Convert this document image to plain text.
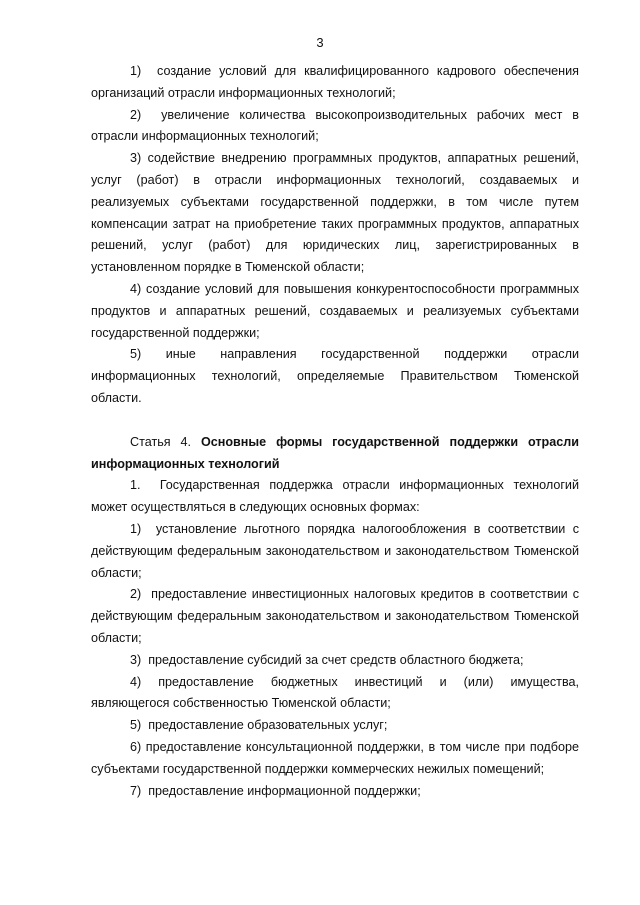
3

1)  создание условий для квалифицированного кадрового обеспечения организаций отрасли информационных технологий;

2)  увеличение количества высокопроизводительных рабочих мест в отрасли информационных технологий;

3) содействие внедрению программных продуктов, аппаратных решений, услуг (работ) в отрасли информационных технологий, создаваемых и реализуемых субъектами государственной поддержки, в том числе путем компенсации затрат на приобретение таких программных продуктов, аппаратных решений, услуг (работ) для юридических лиц, зарегистрированных в установленном порядке в Тюменской области;

4) создание условий для повышения конкурентоспособности программных продуктов и аппаратных решений, создаваемых и реализуемых субъектами государственной поддержки;

5) иные направления государственной поддержки отрасли информационных технологий, определяемые Правительством Тюменской области.

Статья 4. Основные формы государственной поддержки отрасли информационных технологий

1.  Государственная поддержка отрасли информационных технологий может осуществляться в следующих основных формах:

1)  установление льготного порядка налогообложения в соответствии с действующим федеральным законодательством и законодательством Тюменской области;

2)  предоставление инвестиционных налоговых кредитов в соответствии с действующим федеральным законодательством и законодательством Тюменской области;

3)  предоставление субсидий за счет средств областного бюджета;

4) предоставление бюджетных инвестиций и (или) имущества, являющегося собственностью Тюменской области;

5)  предоставление образовательных услуг;

6) предоставление консультационной поддержки, в том числе при подборе субъектами государственной поддержки коммерческих нежилых помещений;

7)  предоставление информационной поддержки;
